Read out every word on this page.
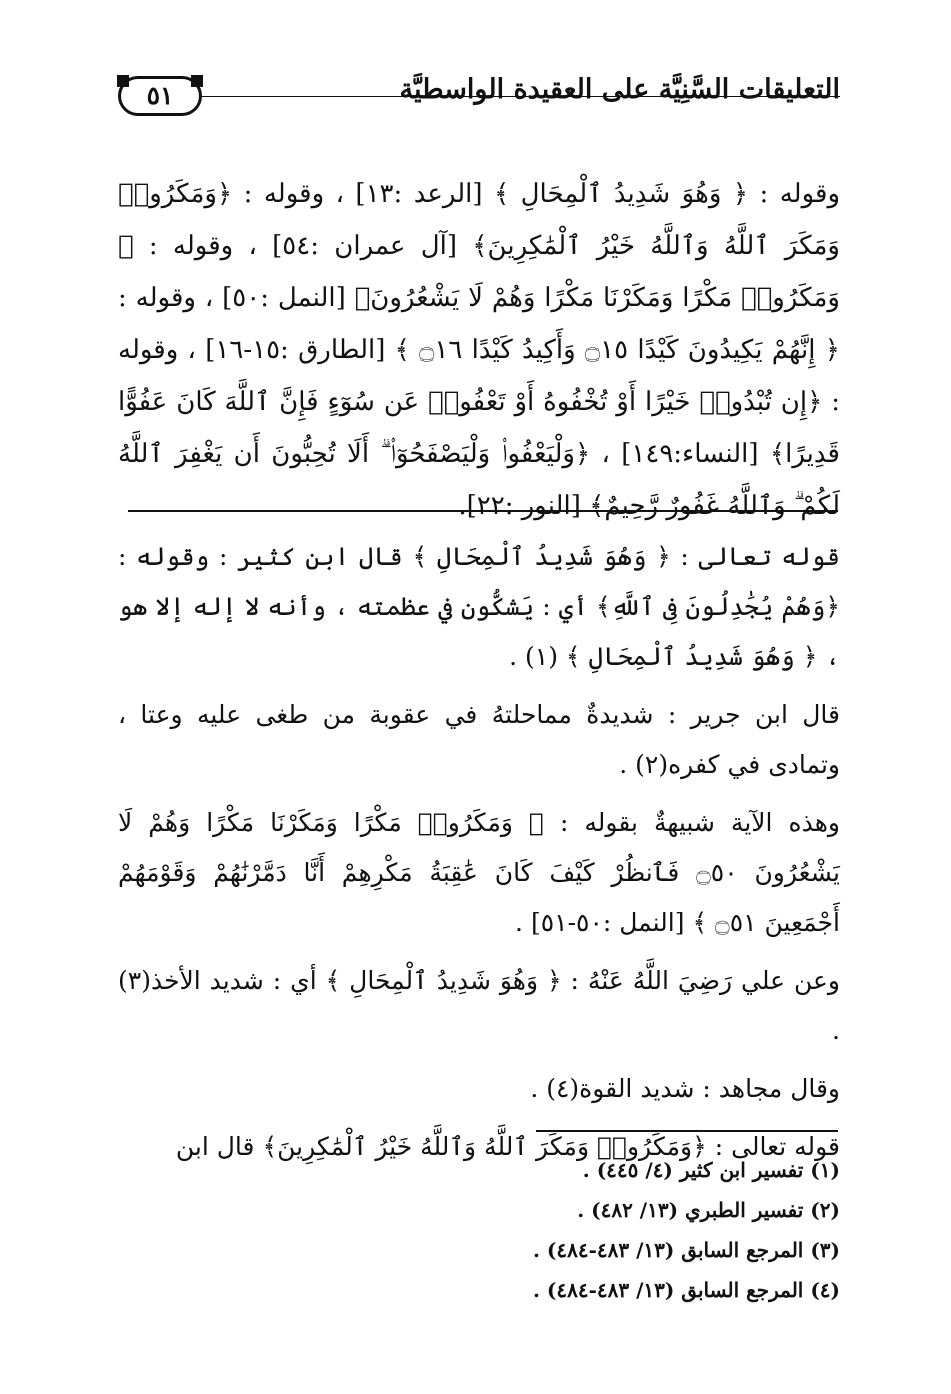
التعليقات السَّنِيَّة على العقيدة الواسطيَّة
٥١

وقوله : ﴿ وَهُوَ شَدِيدُ ٱلْمِحَالِ ﴾ [الرعد :١٣] ، وقوله : ﴿وَمَكَرُوا۟ وَمَكَرَ ٱللَّهُ وَٱللَّهُ خَيْرُ ٱلْمَٰكِرِينَ﴾ [آل عمران :٥٤] ، وقوله : ﴿ وَمَكَرُوا۟ مَكْرًا وَمَكَرْنَا مَكْرًا وَهُمْ لَا يَشْعُرُونَ﴾ [النمل :٥٠] ، وقوله : ﴿ إِنَّهُمْ يَكِيدُونَ كَيْدًا ۝١٥ وَأَكِيدُ كَيْدًا ۝١٦ ﴾ [الطارق :١٥-١٦] ، وقوله : ﴿إِن تُبْدُوا۟ خَيْرًا أَوْ تُخْفُوهُ أَوْ تَعْفُوا۟ عَن سُوٓءٍ فَإِنَّ ٱللَّهَ كَانَ عَفُوًّا قَدِيرًا﴾ [النساء:١٤٩] ، ﴿وَلْيَعْفُوا۟ وَلْيَصْفَحُوٓا۟ ۗ أَلَا تُحِبُّونَ أَن يَغْفِرَ ٱللَّهُ لَكُمْ ۗ وَٱللَّهُ غَفُورٌ رَّحِيمٌ﴾ [النور :٢٢].

قوله تعالى : ﴿ وَهُوَ شَدِيدُ ٱلْمِحَالِ ﴾ قال ابن كثير : وقوله : ﴿وَهُمْ يُجَٰدِلُونَ فِى ٱللَّهِ﴾ أي : يَشكُّون في عظمته ، وأنه لا إله إلا هو ، ﴿ وَهُوَ شَدِيدُ ٱلْمِحَالِ ﴾ (١) .

قال ابن جرير : شديدةٌ مماحلتهُ في عقوبة من طغى عليه وعتا ، وتمادى في كفره(٢) .

وهذه الآية شبيهةٌ بقوله : ﴿ وَمَكَرُوا۟ مَكْرًا وَمَكَرْنَا مَكْرًا وَهُمْ لَا يَشْعُرُونَ ۝٥٠ فَٱنظُرْ كَيْفَ كَانَ عَٰقِبَةُ مَكْرِهِمْ أَنَّا دَمَّرْنَٰهُمْ وَقَوْمَهُمْ أَجْمَعِينَ ۝٥١ ﴾ [النمل :٥٠-٥١] .

وعن علي رَضِيَ اللَّهُ عَنْهُ : ﴿ وَهُوَ شَدِيدُ ٱلْمِحَالِ ﴾ أي : شديد الأخذ(٣) .

وقال مجاهد : شديد القوة(٤) .

قوله تعالى : ﴿وَمَكَرُوا۟ وَمَكَرَ ٱللَّهُ وَٱللَّهُ خَيْرُ ٱلْمَٰكِرِينَ﴾ قال ابن

(١) تفسير ابن كثير (٤/ ٤٤٥) .
(٢) تفسير الطبري (١٣/ ٤٨٢) .
(٣) المرجع السابق (١٣/ ٤٨٣-٤٨٤) .
(٤) المرجع السابق (١٣/ ٤٨٣-٤٨٤) .
